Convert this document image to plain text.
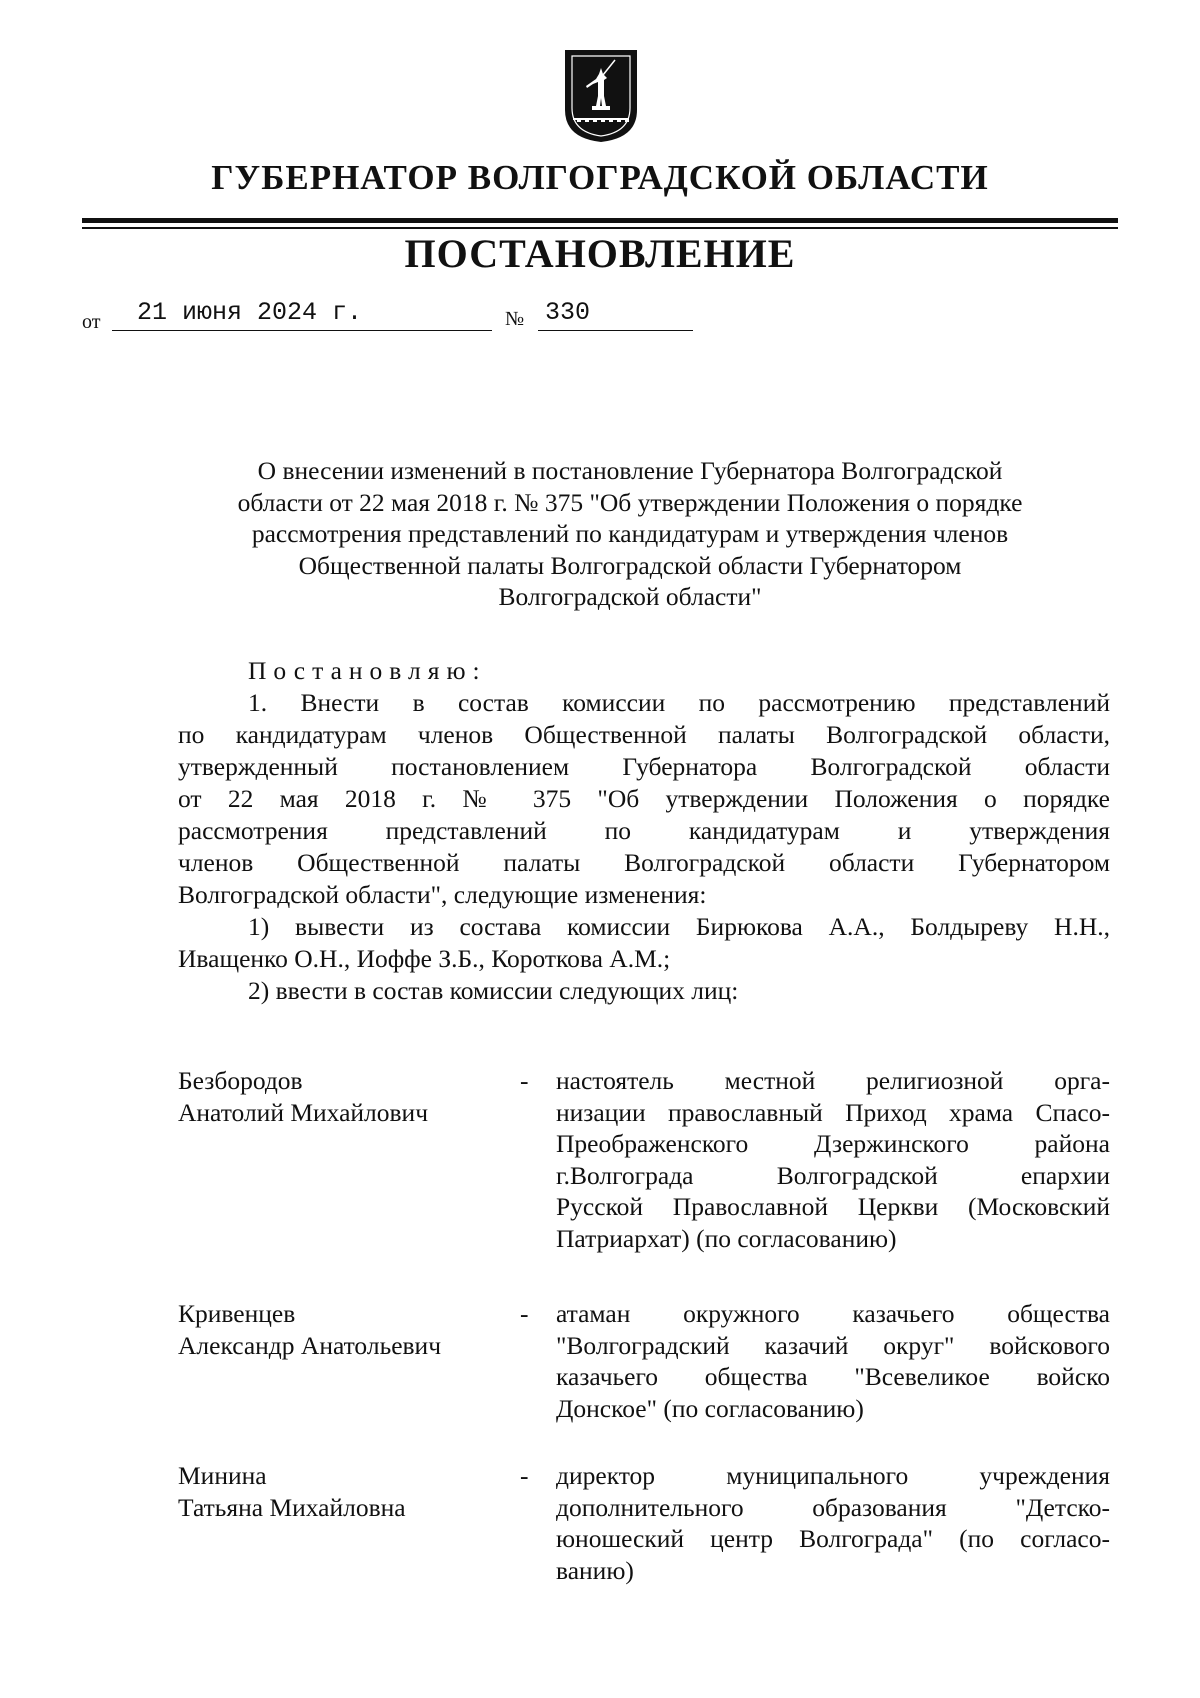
ГУБЕРНАТОР ВОЛГОГРАДСКОЙ ОБЛАСТИ
ПОСТАНОВЛЕНИЕ
от 21 июня 2024 г.	№ 330
О внесении изменений в постановление Губернатора Волгоградской
области от 22 мая 2018 г. № 375 "Об утверждении Положения о порядке
рассмотрения представлений по кандидатурам и утверждения членов
Общественной палаты Волгоградской области Губернатором
Волгоградской области"
Постановляю:
1. Внести в состав комиссии по рассмотрению представлений
по кандидатурам членов Общественной палаты Волгоградской области,
утвержденный постановлением Губернатора Волгоградской области
от 22 мая 2018 г. № 375 "Об утверждении Положения о порядке
рассмотрения представлений по кандидатурам и утверждения
членов Общественной палаты Волгоградской области Губернатором
Волгоградской области", следующие изменения:
1) вывести из состава комиссии Бирюкова А.А., Болдыреву Н.Н.,
Иващенко О.Н., Иоффе З.Б., Короткова А.М.;
2) ввести в состав комиссии следующих лиц:
Безбородов
Анатолий Михайлович
- настоятель местной религиозной орга-
низации православный Приход храма Спасо-
Преображенского Дзержинского района
г.Волгограда Волгоградской епархии
Русской Православной Церкви (Московский
Патриархат) (по согласованию)
Кривенцев
Александр Анатольевич
- атаман окружного казачьего общества
"Волгоградский казачий округ" войскового
казачьего общества "Всевеликое войско
Донское" (по согласованию)
Минина
Татьяна Михайловна
- директор муниципального учреждения
дополнительного образования "Детско-
юношеский центр Волгограда" (по согласо-
ванию)
